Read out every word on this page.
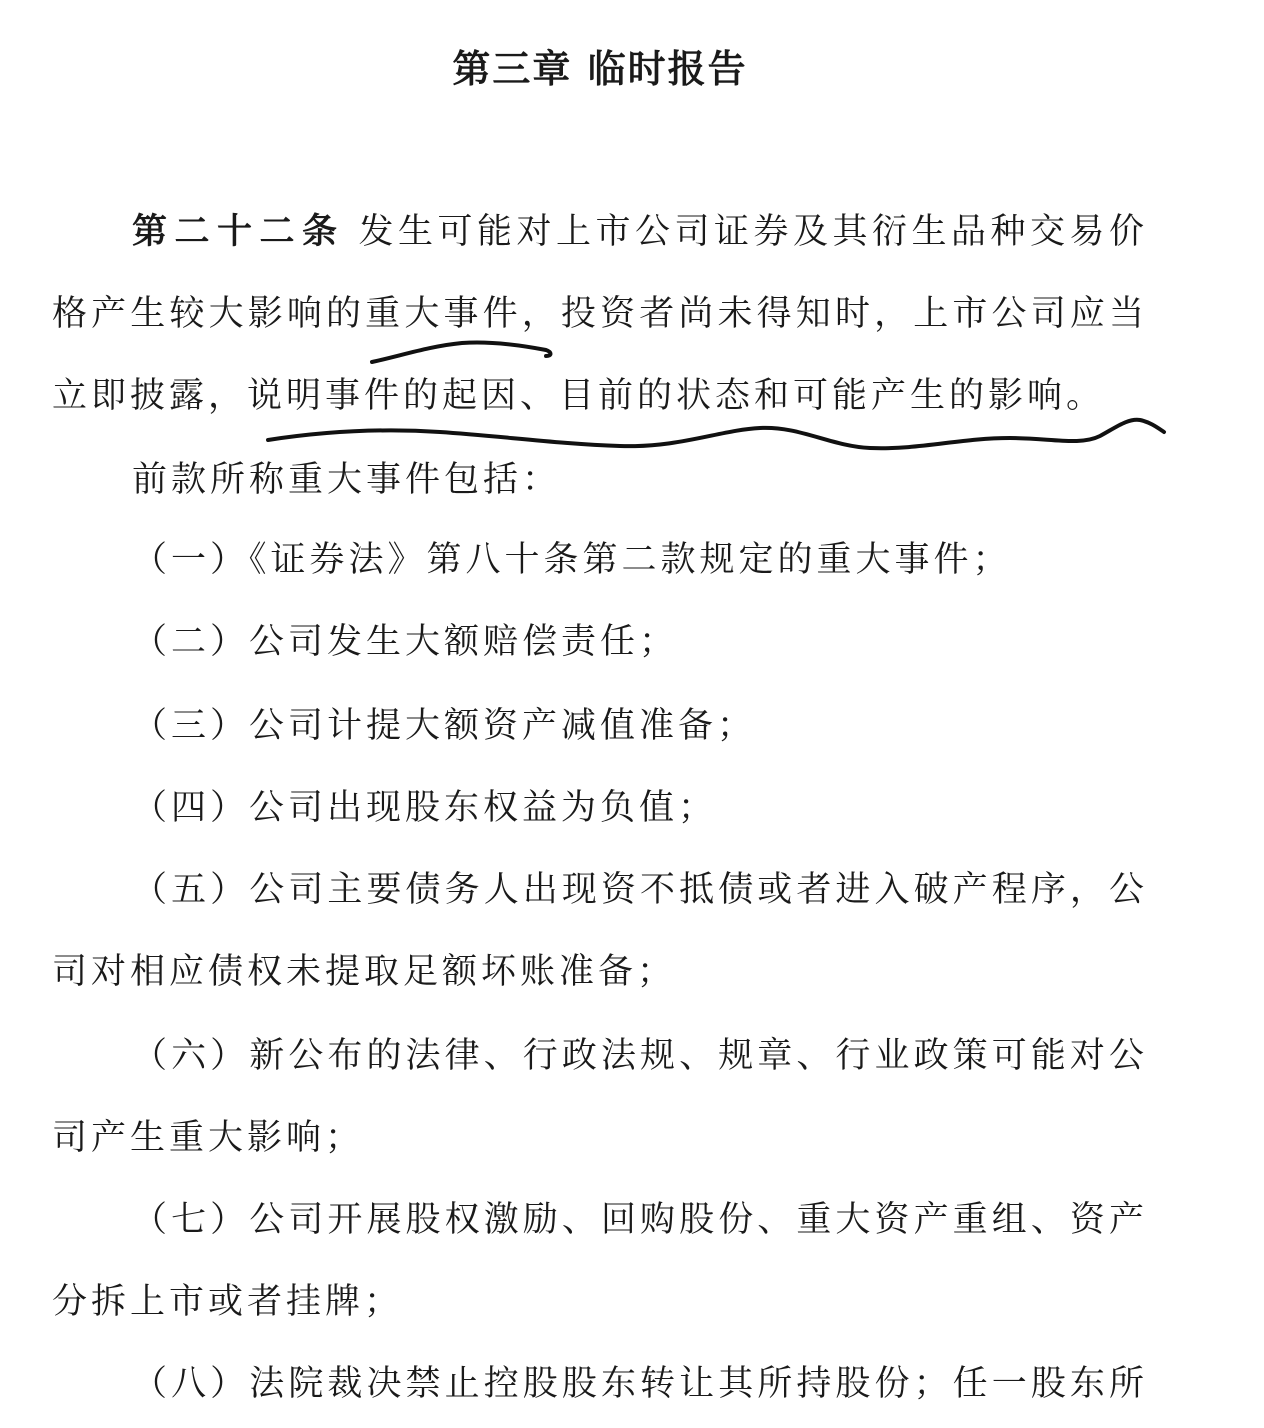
第三章 临时报告
第二十二条 发生可能对上市公司证券及其衍生品种交易价
格产生较大影响的重大事件，投资者尚未得知时，上市公司应当
立即披露，说明事件的起因、目前的状态和可能产生的影响。
前款所称重大事件包括：
（一）《证券法》第八十条第二款规定的重大事件；
（二）公司发生大额赔偿责任；
（三）公司计提大额资产减值准备；
（四）公司出现股东权益为负值；
（五）公司主要债务人出现资不抵债或者进入破产程序，公
司对相应债权未提取足额坏账准备；
（六）新公布的法律、行政法规、规章、行业政策可能对公
司产生重大影响；
（七）公司开展股权激励、回购股份、重大资产重组、资产
分拆上市或者挂牌；
（八）法院裁决禁止控股股东转让其所持股份；任一股东所
